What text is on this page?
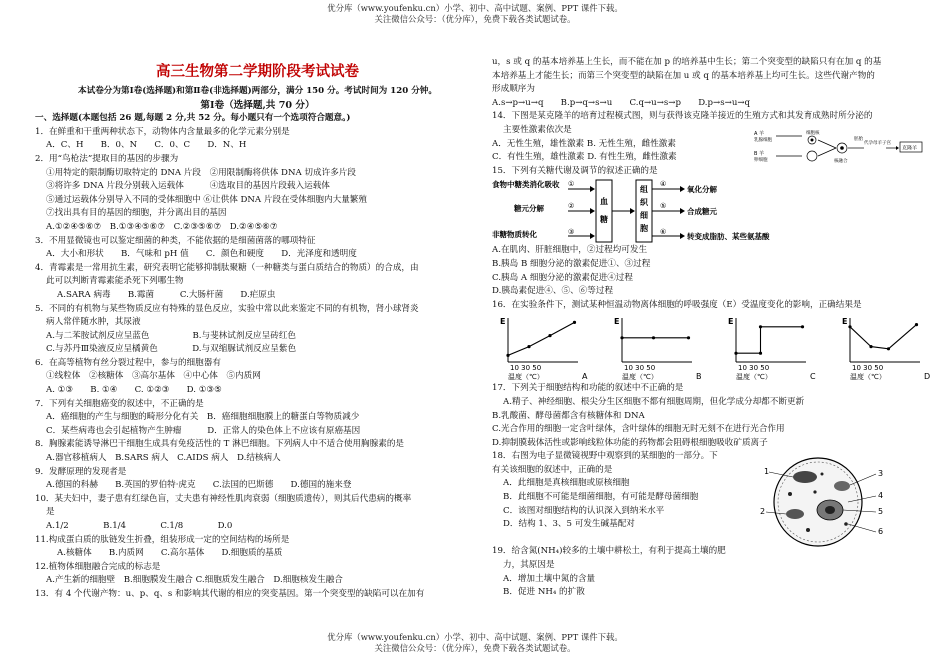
优分库（www.youfenku.cn）小学、初中、高中试题、案例、PPT 课件下载。
关注微信公众号：（优分库），免费下载各类试题试卷。
高三生物第二学期阶段考试试卷
本试卷分为第Ⅰ卷(选择题)和第Ⅱ卷(非选择题)两部分，满分 150 分。考试时间为 120 分钟。
第Ⅰ卷（选择题,共 70 分）
一、选择题(本题包括 26 题,每题 2 分,共 52 分。每小题只有一个选项符合题意。)
1．在鲜重和干重两种状态下，动物体内含量最多的化学元素分别是
A．C、H　　B．0、N　　C．0、C　　D．N、H
2．用“鸟枪法”提取目的基因的步骤为
①用特定的限制酶切取特定的 DNA 片段　②用限制酶将供体 DNA 切成许多片段
③将许多 DNA 片段分别载入运载体　　　④选取目的基因片段载入运载体
⑤通过运载体分别导入不同的受体细胞中 ⑥让供体 DNA 片段在受体细胞内大量繁殖
⑦找出具有目的基因的细胞，并分离出目的基因
A.①②④⑤⑥⑦　B.①③④⑤⑥⑦　C.②③⑤⑥⑦　D.②④⑤⑥⑦
3．不用显微镜也可以鉴定细菌的种类，不能依据的是细菌菌落的哪项特征
A．大小和形状　　B．气味和 pH 值　　C．颜色和硬度　　D．光泽度和透明度
4．青霉素是一常用抗生素，研究表明它能够抑制肽聚糖（一种糖类与蛋白质结合的物质）的合成，由
此可以判断青霉素能杀死下列哪生物
A.SARA 病毒　　B.霉菌　　　C.大肠杆菌　　D.疟原虫
5．不同的有机物与某些物质反应有特殊的显色反应，实验中常以此来鉴定不同的有机物，肾小球肾炎
病人常伴随水肿，其尿液
A.与二苯胺试剂反应呈蓝色　　　　　B.与斐林试剂反应呈砖红色
C.与苏丹Ⅲ染液反应呈橘黄色　　　　D.与双缩脲试剂反应呈紫色
6．在高等植物有丝分裂过程中，参与的细胞器有
①线粒体　②核糖体　③高尔基体　④中心体　⑤内质网
A. ①③　　B. ①④　　C. ①②③　　D. ①③⑤
7．下列有关细胞癌变的叙述中，不正确的是
A．癌细胞的产生与细胞的畸形分化有关　B．癌细胞细胞膜上的糖蛋白等物质减少
C．某些病毒也会引起植物产生肿瘤　　　D．正常人的染色体上不应该有原癌基因
8．胸腺素能诱导淋巴干细胞生成具有免疫活性的 T 淋巴细胞。下列病人中不适合使用胸腺素的是
A.器官移植病人　B.SARS 病人　C.AIDS 病人　D.结核病人
9．发酵原理的发现者是
A.德国的科赫　　B.英国的罗伯特·虎克　　C.法国的巴斯德　　D.德国的施来登
10．某夫妇中，妻子患有红绿色盲，丈夫患有神经性肌肉衰弱（细胞质遗传），则其后代患病的概率
是
A.1/2　　　　B.1/4　　　　C.1/8　　　　D.0
11.构成蛋白质的肽链发生折叠，组装形成一定的空间结构的场所是
A.核糖体　　B.内质网　　C.高尔基体　　D.细胞质的基质
12.植物体细胞融合完成的标志是
A.产生新的细胞壁　B.细胞膜发生融合 C.细胞质发生融合　D.细胞核发生融合
13．有 4 个代谢产物：u、p、q、s 和影响其代谢的相应的突变基因。第一个突变型的缺陷可以在加有
u，s 或 q 的基本培养基上生长，而不能在加 p 的培养基中生长；第二个突变型的缺陷只有在加 q 的基
本培养基上才能生长；而第三个突变型的缺陷在加 u 或 q 的基本培养基上均可生长。这些代谢产物的
形成顺序为
A.s→p→u→q　　B.p→q→s→u　　C.q→u→s→p　　D.p→s→u→q
14．下图是某克隆羊的培育过程模式图，则与获得该克隆羊接近的生殖方式和其发育成熟时所分泌的
主要性激素依次是
A．无性生殖，雄性激素 B. 无性生殖，雌性激素
C．有性生殖，雄性激素 D. 有性生殖，雌性激素
15．下列有关糖代谢及调节的叙述正确的是
食物中糖类消化吸收
糖元分解
非糖物质转化
①
②
③
血 糖
组 织 细 胞
④
⑤
⑥
氧化分解
合成糖元
转变成脂肪、某些氨基酸
A.在肌肉、肝脏细胞中，②过程均可发生
B.胰岛 B 细胞分泌的激素促进①、③过程
C.胰岛 A 细胞分泌的激素促进④过程
D.胰岛素促进④、⑤、⑥等过程
16．在实验条件下，测试某种恒温动物离体细胞的呼吸强度（E）受温度变化的影响，正确结果是
E
10 30 50
温度（℃）	A
E
10 30 50
温度（℃）	B
E
10 30 50
温度（℃）	C
E
10 30 50
温度（℃）	D
17．下列关于细胞结构和功能的叙述中不正确的是
A.精子、神经细胞、根尖分生区细胞不都有细胞周期，但化学成分却都不断更新
B.乳酸菌、酵母菌都含有核糖体和 DNA
C.光合作用的细胞一定含叶绿体，含叶绿体的细胞无时无刻不在进行光合作用
D.抑制膜载体活性或影响线粒体功能的药物都会阻碍根细胞吸收矿质离子
18．右图为电子显微镜视野中观察到的某细胞的一部分。下
有关该细胞的叙述中，正确的是
A．此细胞是真核细胞或原核细胞
B．此细胞不可能是细菌细胞，有可能是酵母菌细胞
C．该图对细胞结构的认识深入到纳米水平
D．结构 1、3、5 可发生碱基配对

19．给含氮(NH₄)较多的土壤中耕松土，有利于提高土壤的肥
力，其原因是
A．增加土壤中氮的含量
B．促进 NH₄ 的扩散
A 羊
乳腺细胞
B 羊
卵细胞
细胞核
核融合
胚胎
代孕母羊子宫
克隆羊
1
2
3
4
5
6
优分库（www.youfenku.cn）小学、初中、高中试题、案例、PPT 课件下载。
关注微信公众号：（优分库），免费下载各类试题试卷。
